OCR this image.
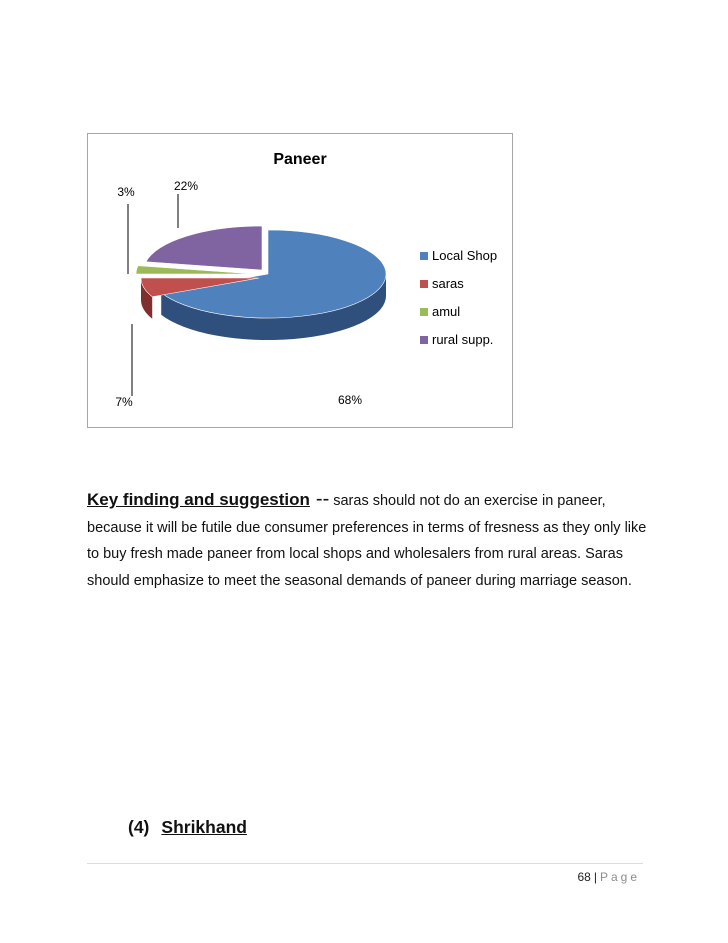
Paneer
68%
7%
3%	22%
Local Shop
saras
amul
rural supp.
Key finding and suggestion -- saras should not do an exercise in paneer, because it will be futile due consumer preferences in terms of fresness as they only like to buy fresh made paneer from local shops and wholesalers from rural areas. Saras should emphasize to meet the seasonal demands of paneer during marriage season.
(4) Shrikhand
68 | Page
